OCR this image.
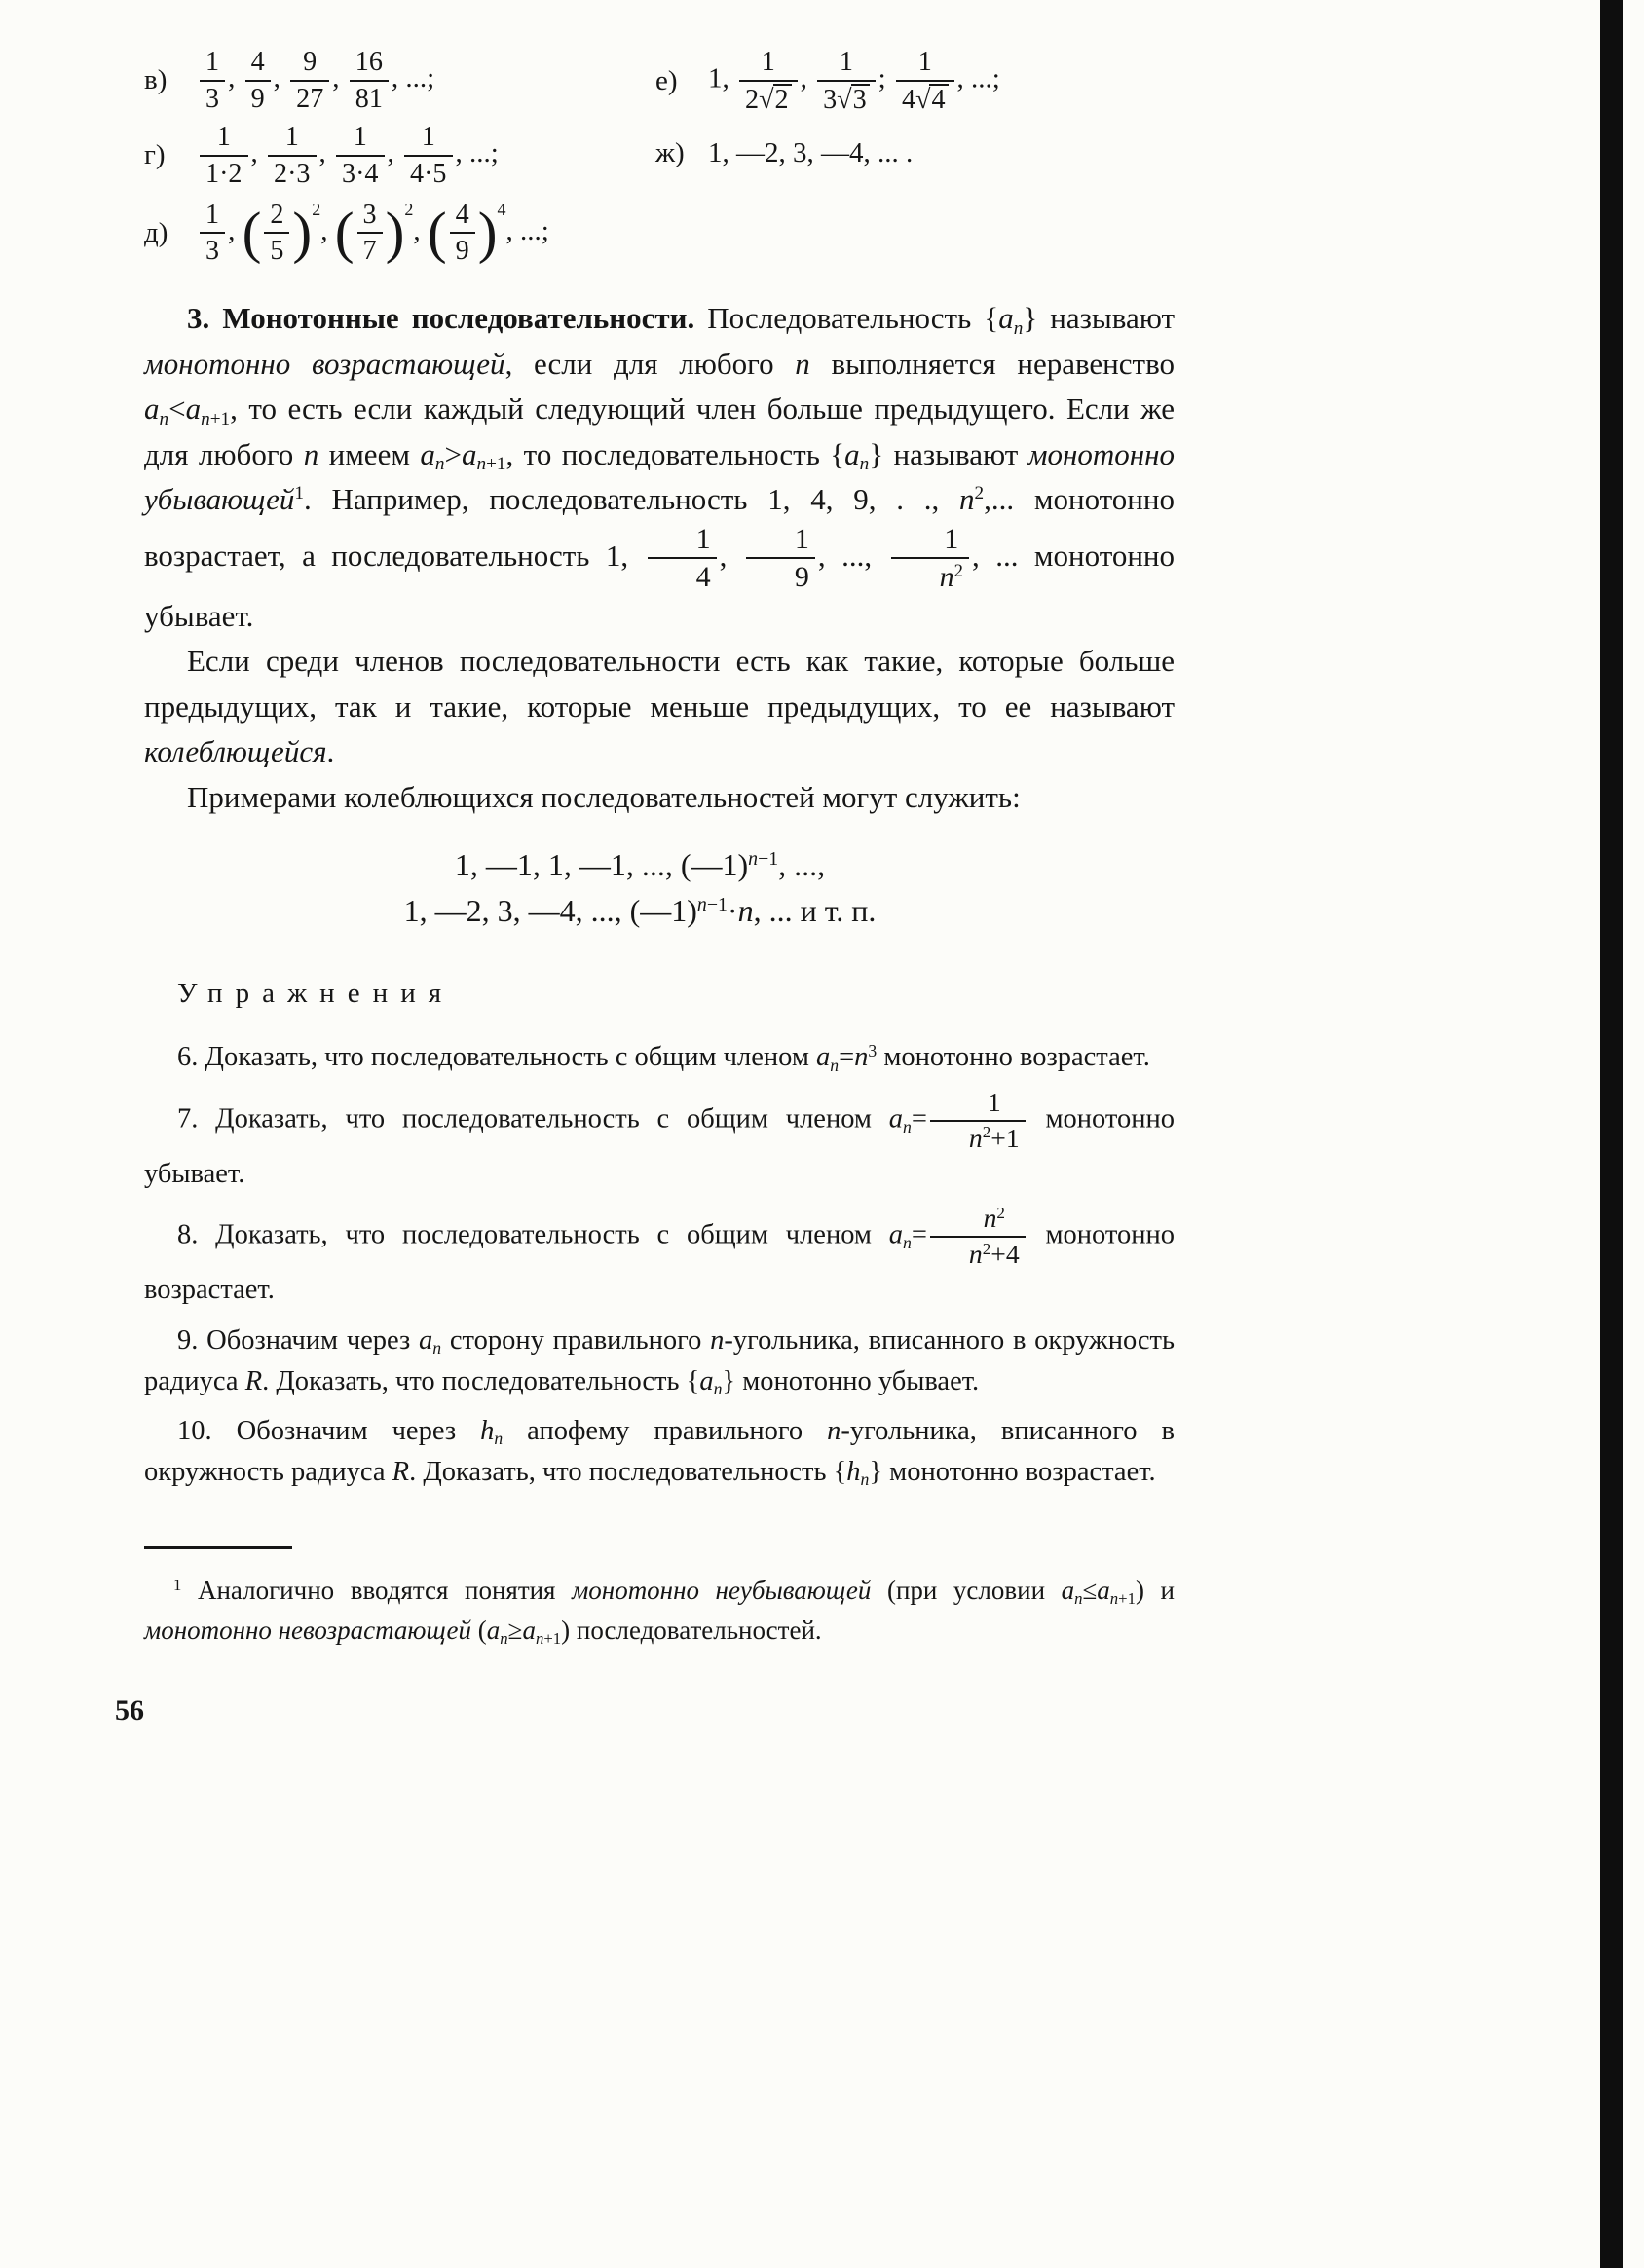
в)	$\frac{1}{3}$ , $\frac{4}{9}$ , $\frac{9}{27}$ , $\frac{16}{81}$ , ...;
г)	$\frac{1}{1\cdot 2}$ , $\frac{1}{2\cdot 3}$ , $\frac{1}{3\cdot 4}$ , $\frac{1}{4\cdot 5}$ , ...;
д)	$\frac{1}{3}$ , ( $\frac{2}{5} )^2$, ( $\frac{3}{7} )^2$, ( $\frac{4}{9} )^4$, ...;
е)	1, $\frac{1}{2√2}$ , $\frac{1}{3√3}$ ; $\frac{1}{4√4}$ , ...;
ж) 1, —2, 3, —4, ... .

3. Монотонные последовательности. Последовательность $\{a_n\}$ называют монотонно возрастающей, если для любого n выполняется неравенство $a_n<a_{n+1}$, то есть если каждый следующий член больше предыдущего. Если же для любого n имеем $a_n>a_{n+1}$, то последовательность $\{a_n\}$ называют монотонно убывающей$^1$. Например, последовательность 1, 4, 9, . ., $n^2$,... монотонно возрастает, а последовательность 1, $\frac{1}{4}$ , $\frac{1}{9}$ , ..., $\frac{1}{n^2}$ , ... монотонно убывает.

Если среди членов последовательности есть как такие, которые больше предыдущих, так и такие, которые меньше предыдущих, то ее называют колеблющейся.

Примерами колеблющихся последовательностей могут служить:

1, —1, 1, —1, ..., (—1)$^{n-1}$, ...,
1, —2, 3, —4, ..., (—1)$^{n-1}$·n, ... и т. п.

Упражнения

6. Доказать, что последовательность с общим членом $a_n=n^3$ монотонно возрастает.

7. Доказать, что последовательность с общим членом $a_n= \frac{1}{n^2+1}$ монотонно убывает.

8. Доказать, что последовательность с общим членом $a_n= \frac{n^2}{n^2+4}$ монотонно возрастает.

9. Обозначим через $a_n$ сторону правильного n-угольника, вписанного в окружность радиуса R. Доказать, что последовательность $\{a_n\}$ монотонно убывает.

10. Обозначим через $h_n$ апофему правильного n-угольника, вписанного в окружность радиуса R. Доказать, что последовательность $\{h_n\}$ монотонно возрастает.

$^1$ Аналогично вводятся понятия монотонно неубывающей (при условии $a_n\le a_{n+1}$) и монотонно невозрастающей $(a_n\ge a_{n+1})$ последовательностей.

56
